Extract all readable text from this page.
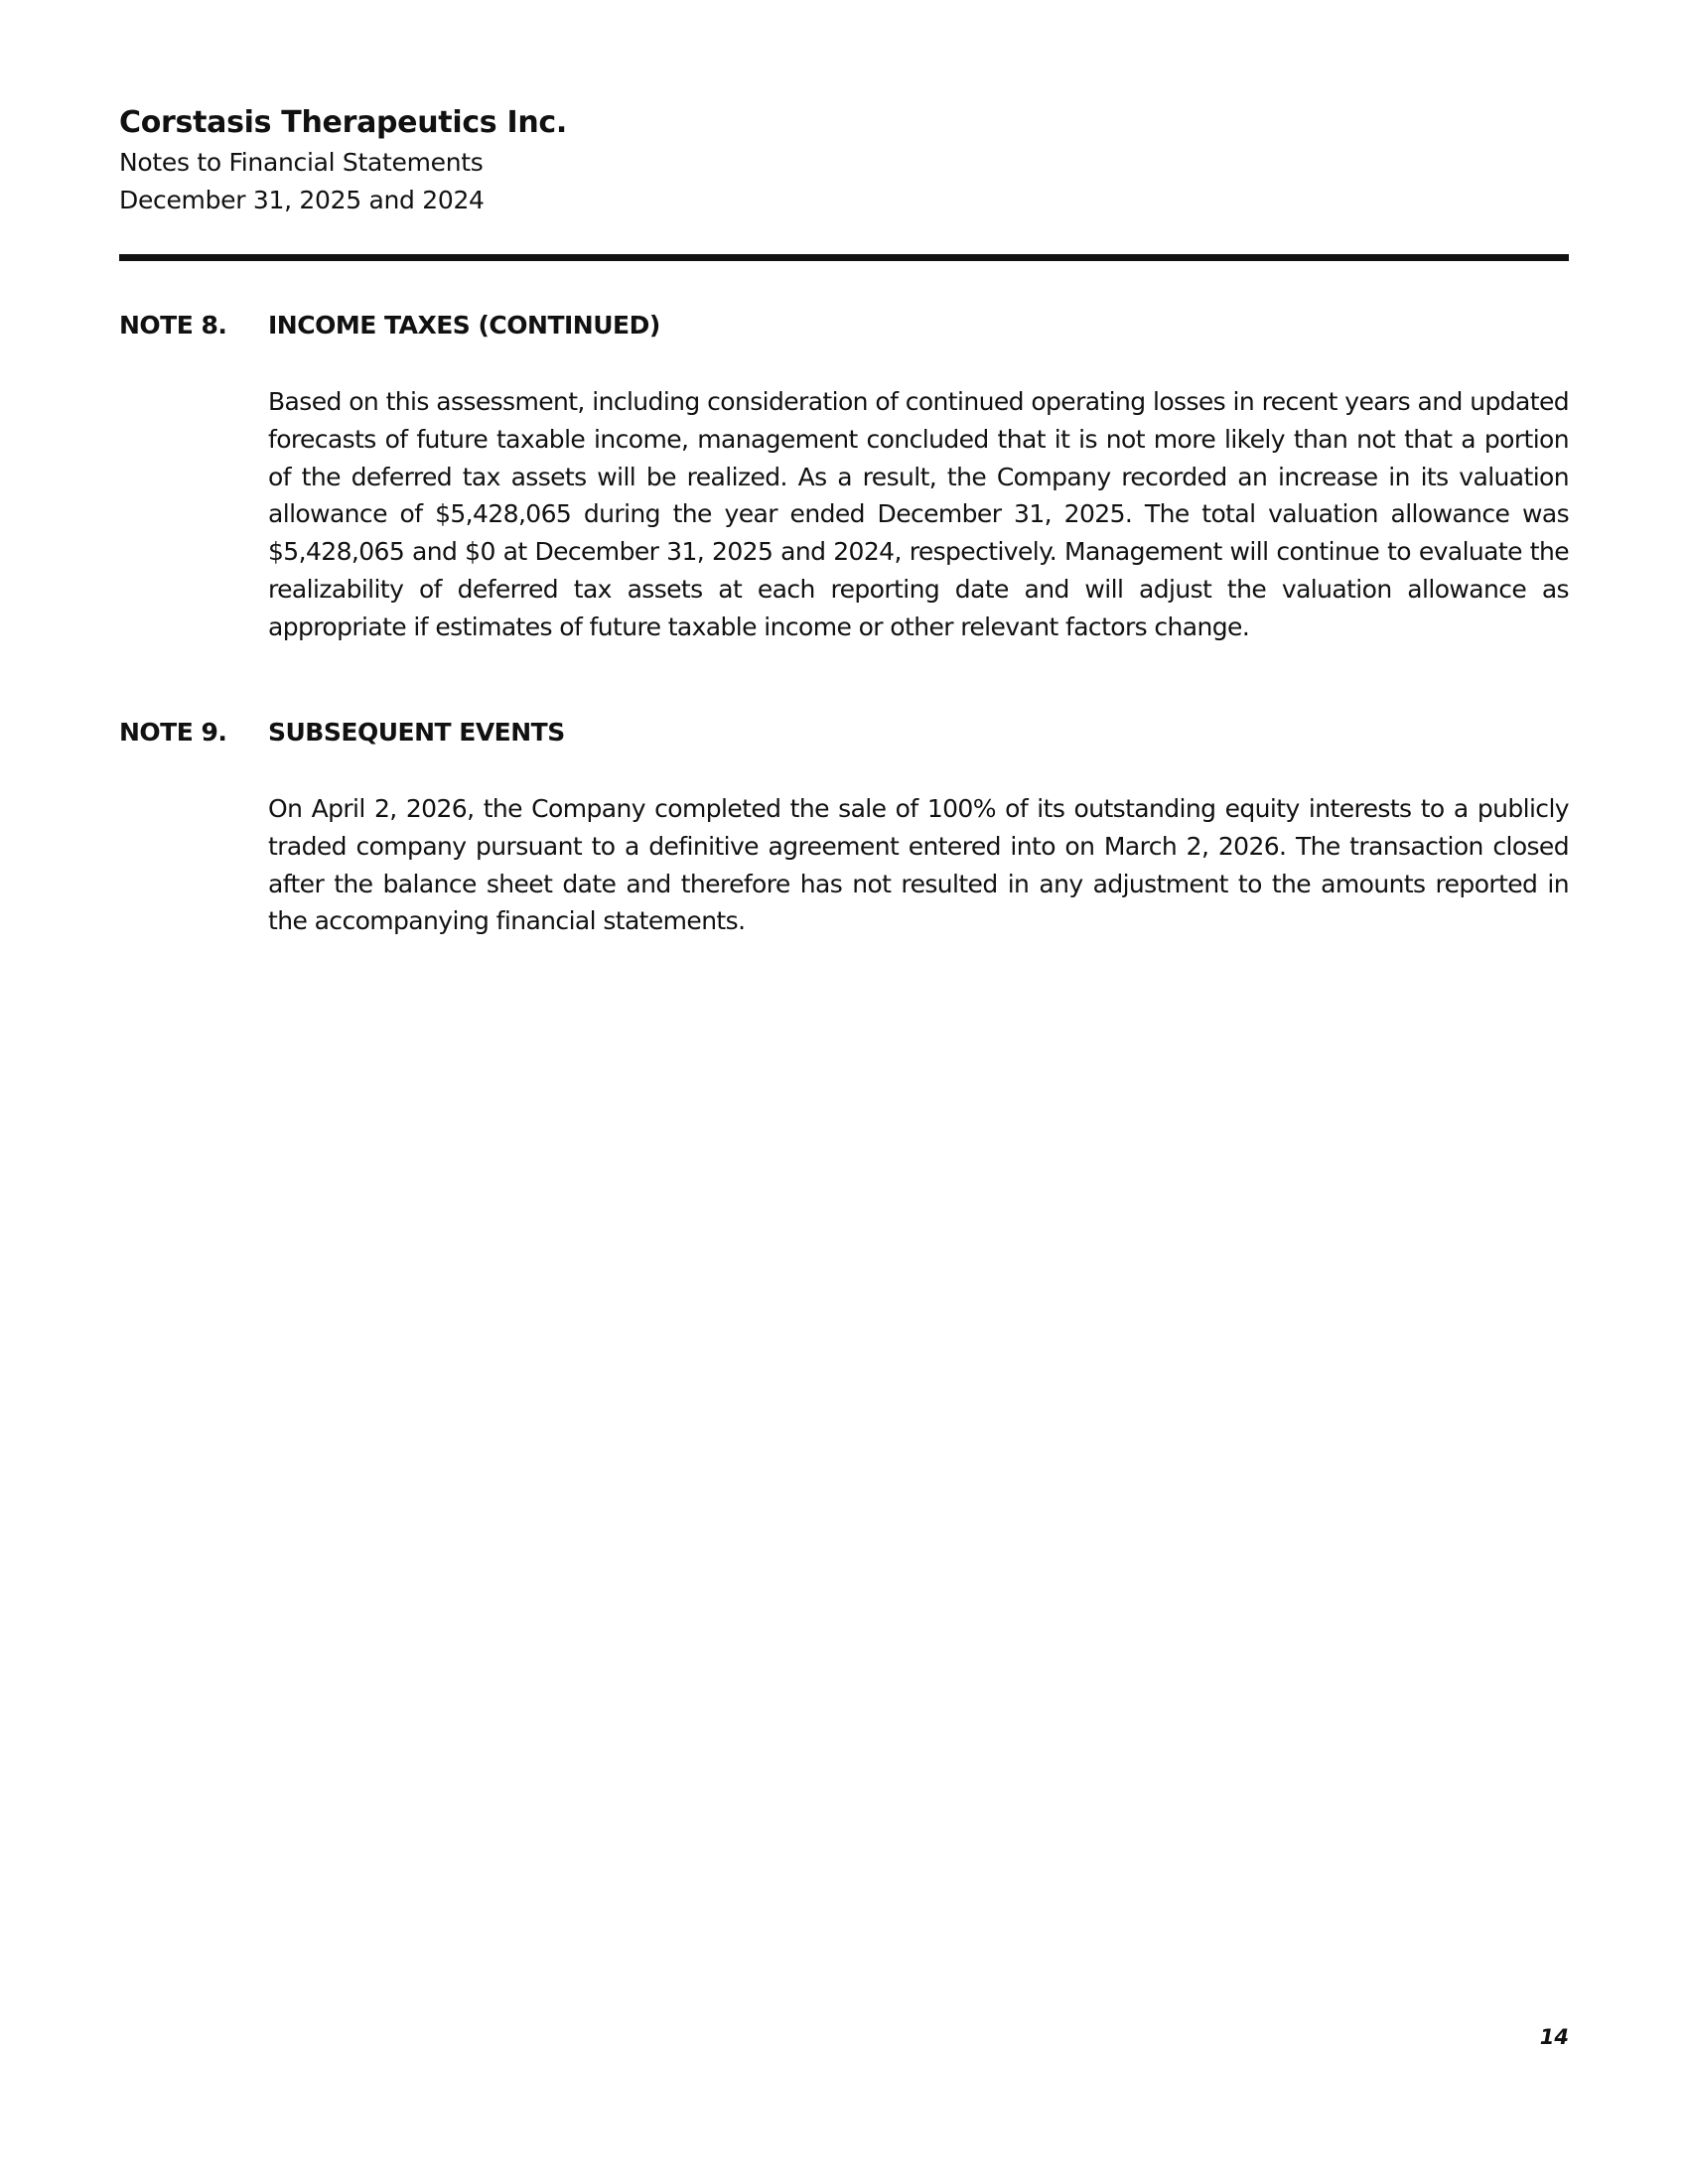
Corstasis Therapeutics Inc.

Notes to Financial Statements

December 31, 2025 and 2024

NOTE 8.	INCOME TAXES (CONTINUED)
Based on this assessment, including consideration of continued operating losses in recent years and updated forecasts of future taxable income, management concluded that it is not more likely than not that a portion of the deferred tax assets will be realized. As a result, the Company recorded an increase in its valuation allowance of $5,428,065 during the year ended December 31, 2025. The total valuation allowance was $5,428,065 and $0 at December 31, 2025 and 2024, respectively. Management will continue to evaluate the realizability of deferred tax assets at each reporting date and will adjust the valuation allowance as appropriate if estimates of future taxable income or other relevant factors change.
NOTE 9.	SUBSEQUENT EVENTS
On April 2, 2026, the Company completed the sale of 100% of its outstanding equity interests to a publicly traded company pursuant to a definitive agreement entered into on March 2, 2026. The transaction closed after the balance sheet date and therefore has not resulted in any adjustment to the amounts reported in the accompanying financial statements.
14
